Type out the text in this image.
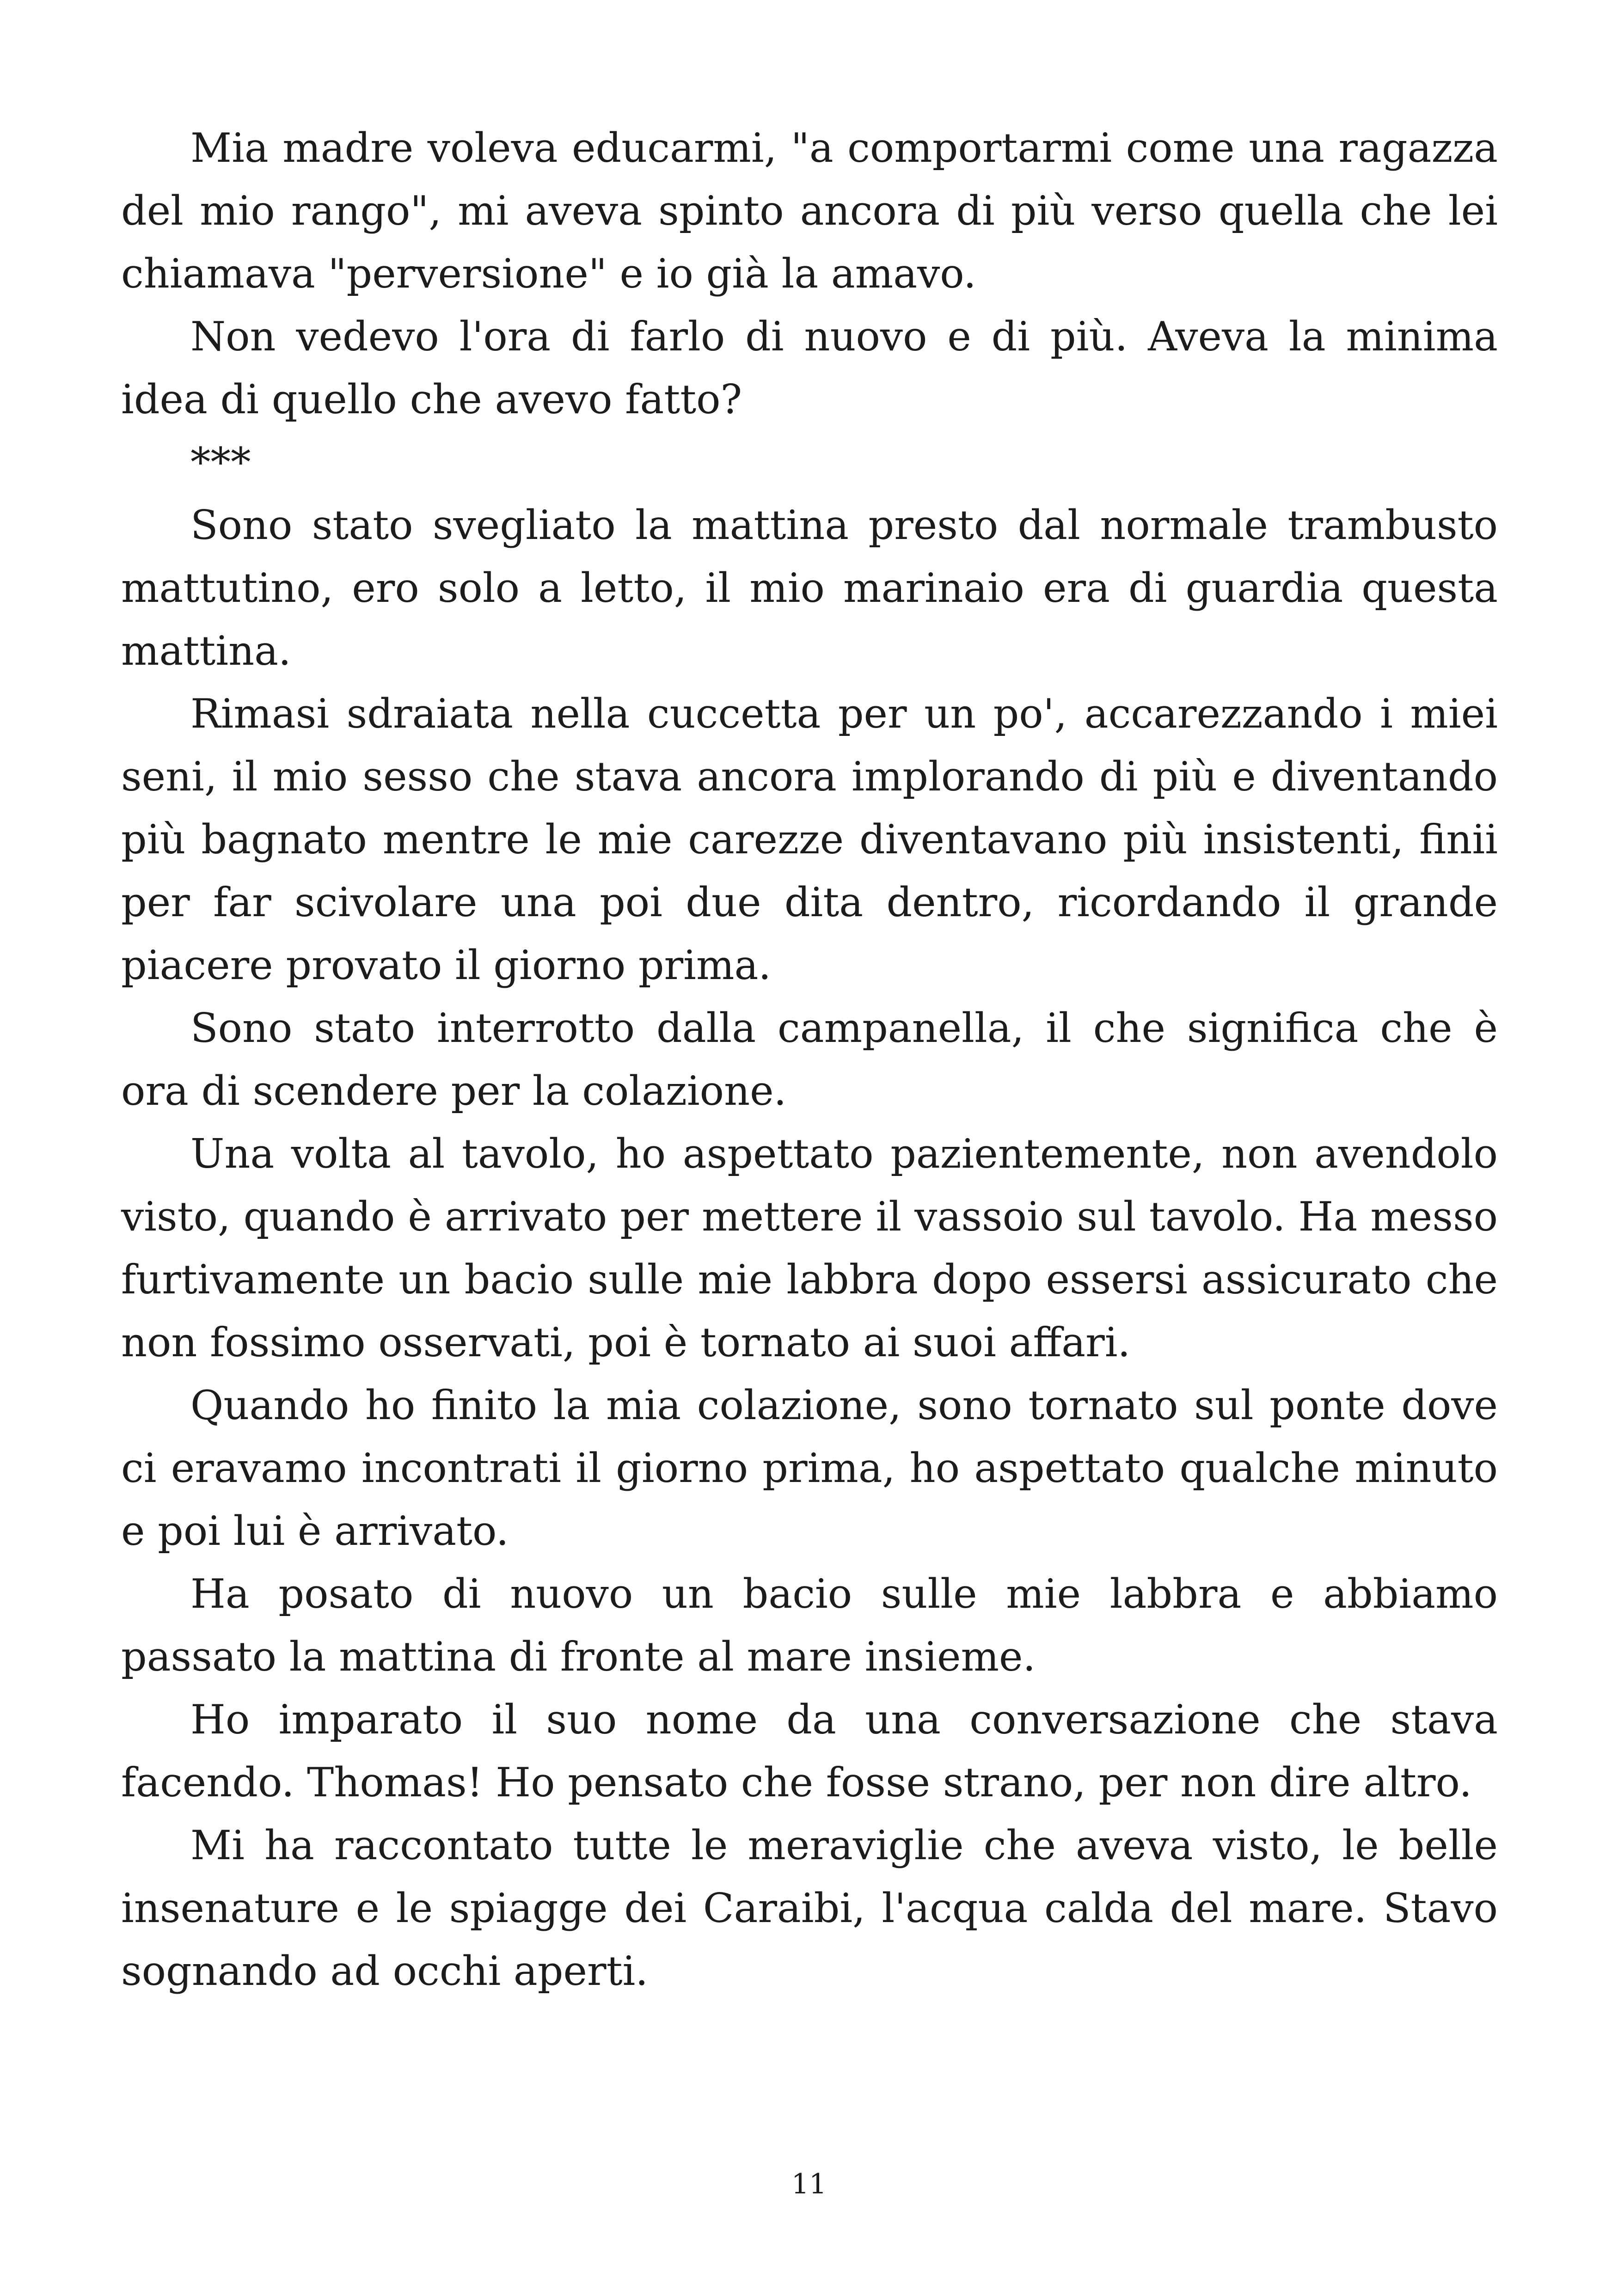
Mia madre voleva educarmi, "a comportarmi come una ragazza del mio rango", mi aveva spinto ancora di più verso quella che lei chiamava "perversione" e io già la amavo.

Non vedevo l'ora di farlo di nuovo e di più. Aveva la minima idea di quello che avevo fatto?

***

Sono stato svegliato la mattina presto dal normale trambusto mattutino, ero solo a letto, il mio marinaio era di guardia questa mattina.

Rimasi sdraiata nella cuccetta per un po', accarezzando i miei seni, il mio sesso che stava ancora implorando di più e diventando più bagnato mentre le mie carezze diventavano più insistenti, finii per far scivolare una poi due dita dentro, ricordando il grande piacere provato il giorno prima.

Sono stato interrotto dalla campanella, il che significa che è ora di scendere per la colazione.

Una volta al tavolo, ho aspettato pazientemente, non avendolo visto, quando è arrivato per mettere il vassoio sul tavolo. Ha messo furtivamente un bacio sulle mie labbra dopo essersi assicurato che non fossimo osservati, poi è tornato ai suoi affari.

Quando ho finito la mia colazione, sono tornato sul ponte dove ci eravamo incontrati il giorno prima, ho aspettato qualche minuto e poi lui è arrivato.

Ha posato di nuovo un bacio sulle mie labbra e abbiamo passato la mattina di fronte al mare insieme.

Ho imparato il suo nome da una conversazione che stava facendo. Thomas! Ho pensato che fosse strano, per non dire altro.

Mi ha raccontato tutte le meraviglie che aveva visto, le belle insenature e le spiagge dei Caraibi, l'acqua calda del mare. Stavo sognando ad occhi aperti.

11
